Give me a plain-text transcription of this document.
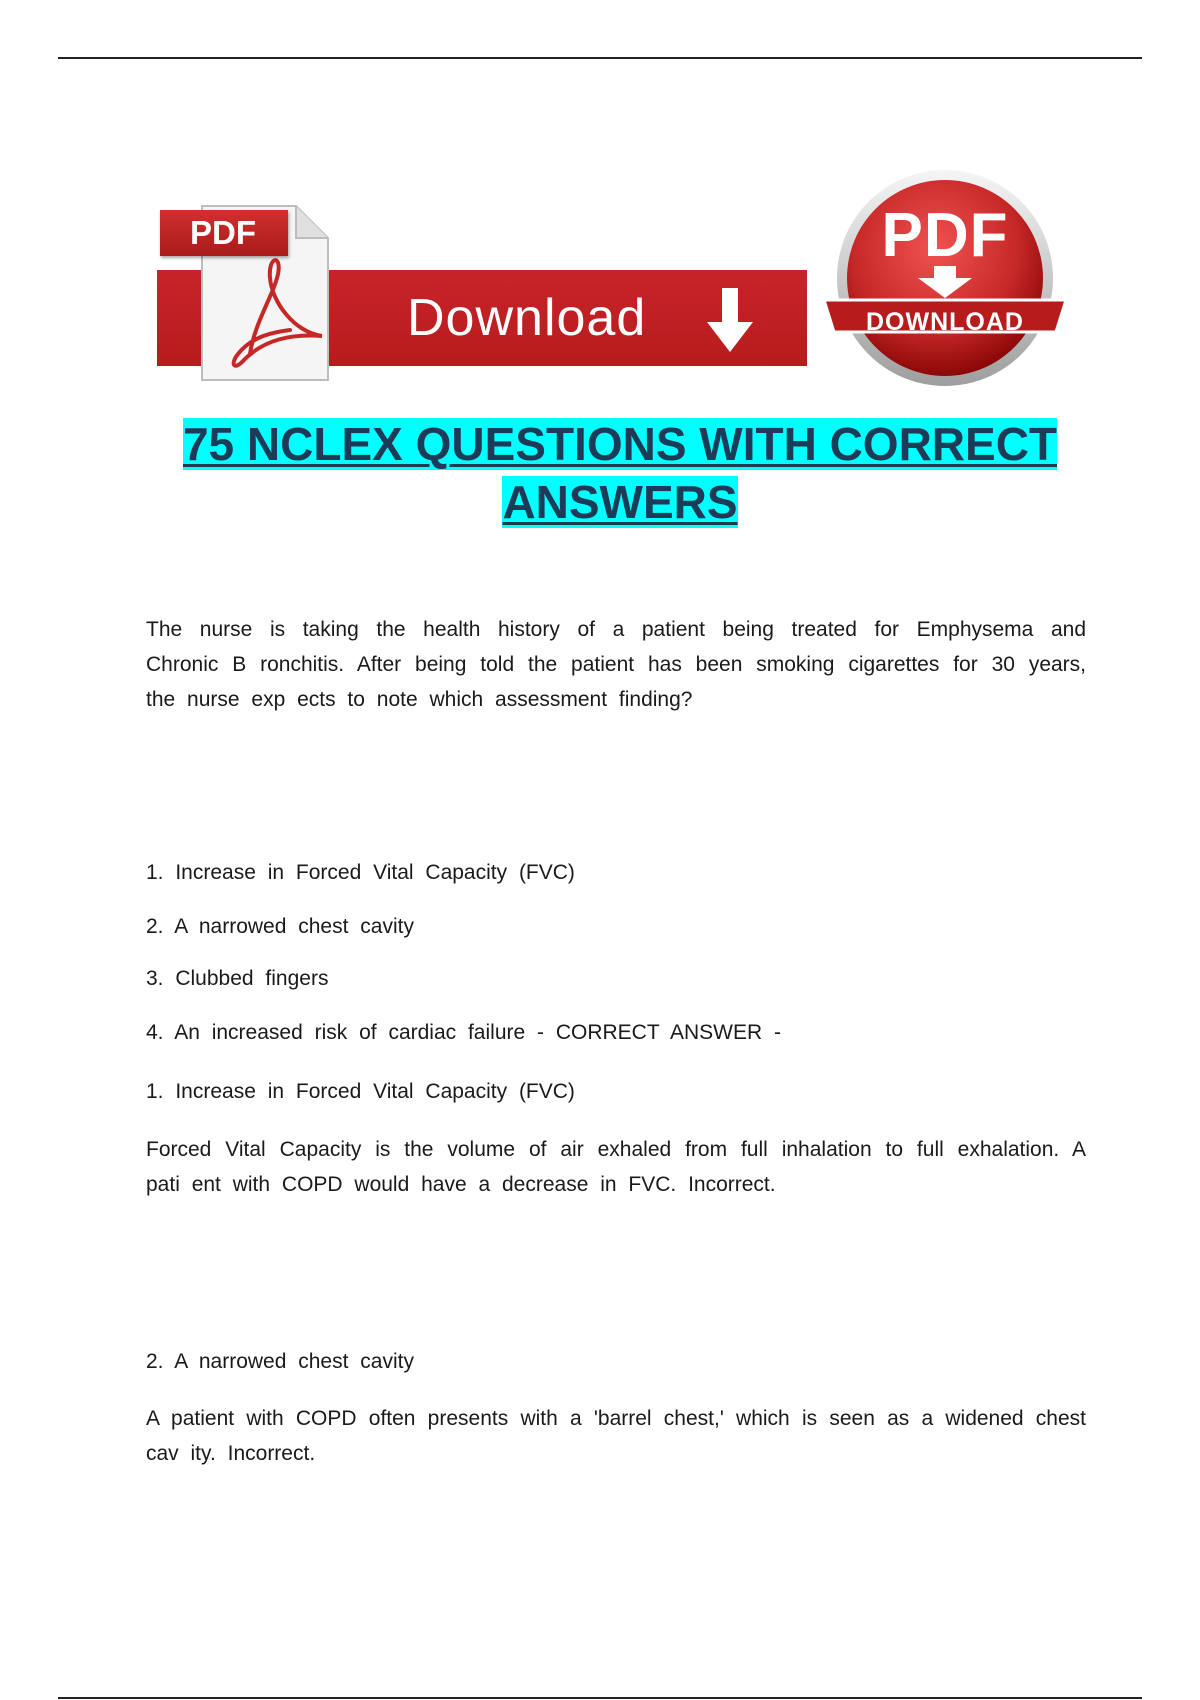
PDF
Download
PDF
DOWNLOAD
75 NCLEX QUESTIONS WITH CORRECT
ANSWERS
The nurse is taking the health history of a patient being treated for Emphysema and Chronic B ronchitis. After being told the patient has been smoking cigarettes for 30 years, the nurse exp ects to note which assessment finding?
1. Increase in Forced Vital Capacity (FVC)
2. A narrowed chest cavity
3. Clubbed fingers
4. An increased risk of cardiac failure - CORRECT ANSWER -
1. Increase in Forced Vital Capacity (FVC)
Forced Vital Capacity is the volume of air exhaled from full inhalation to full exhalation. A pati ent with COPD would have a decrease in FVC. Incorrect.
2. A narrowed chest cavity
A patient with COPD often presents with a 'barrel chest,' which is seen as a widened chest cav ity. Incorrect.
